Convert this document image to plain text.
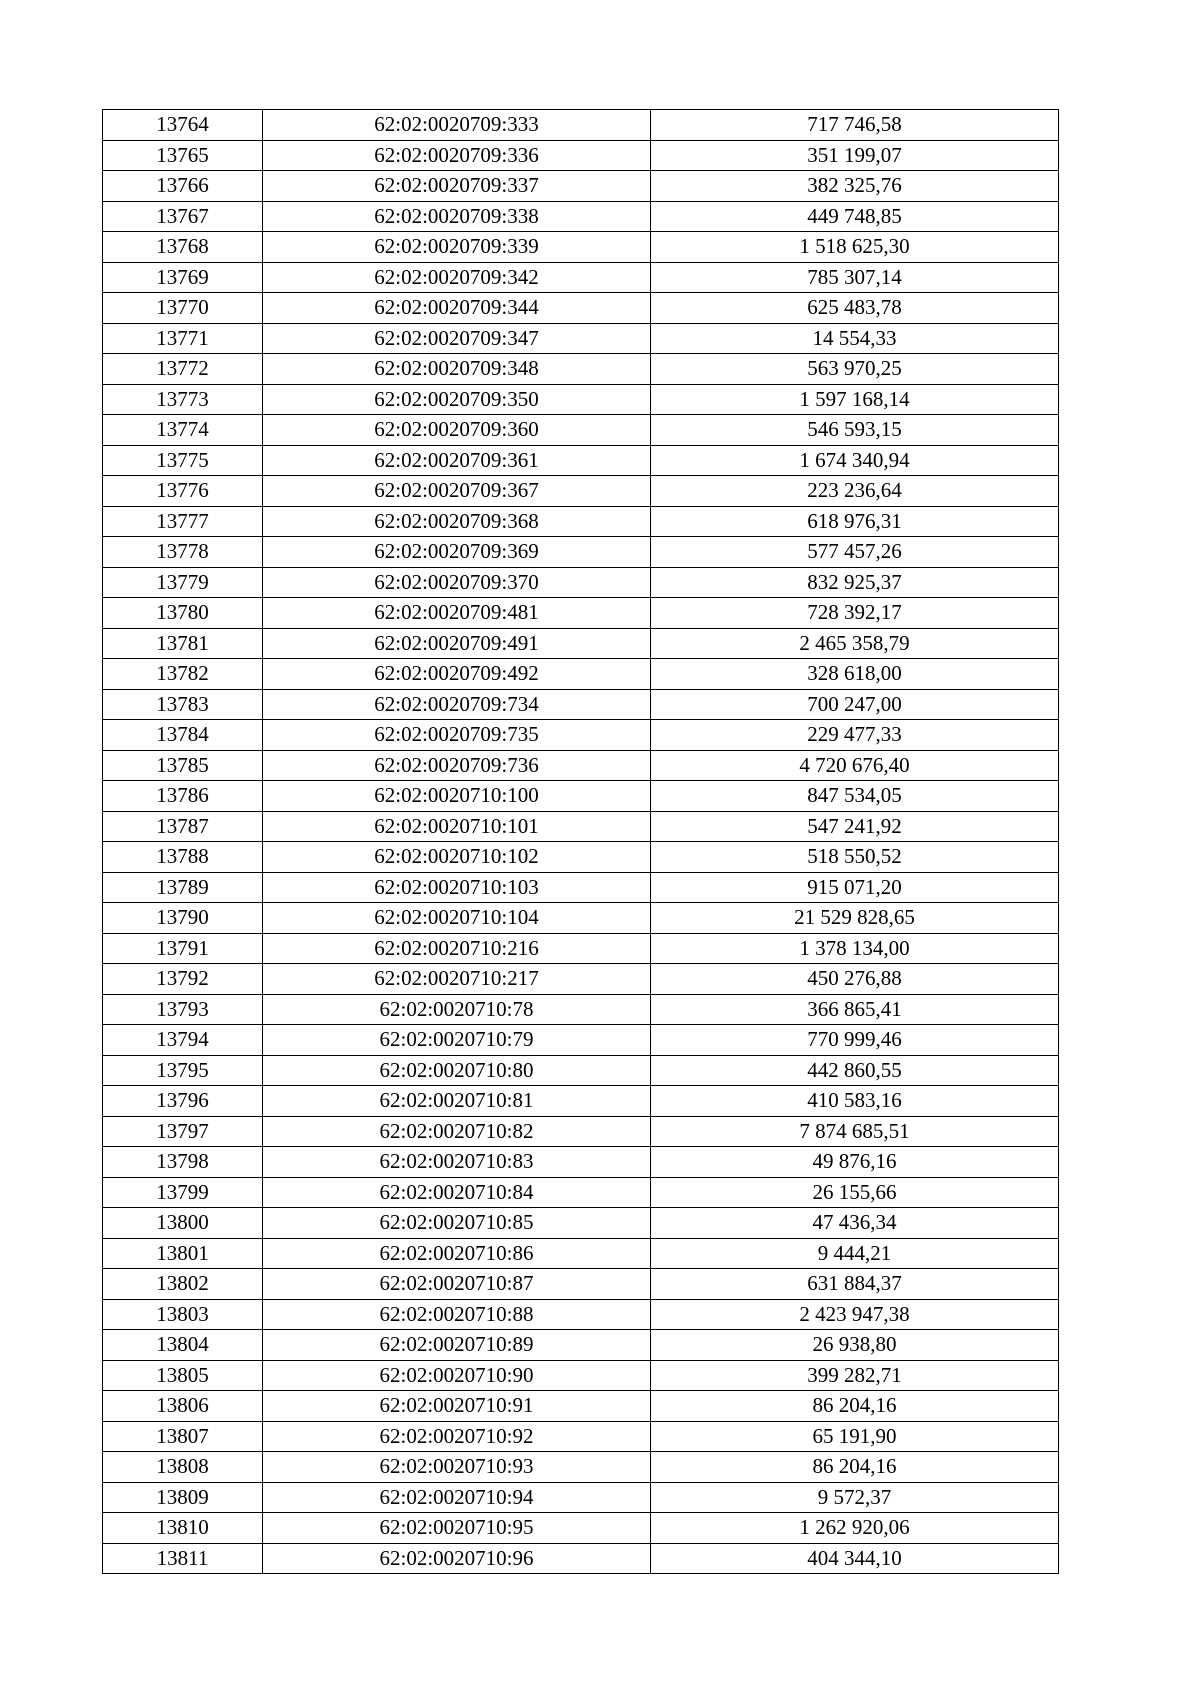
13764	62:02:0020709:333	717 746,58
13765	62:02:0020709:336	351 199,07
13766	62:02:0020709:337	382 325,76
13767	62:02:0020709:338	449 748,85
13768	62:02:0020709:339	1 518 625,30
13769	62:02:0020709:342	785 307,14
13770	62:02:0020709:344	625 483,78
13771	62:02:0020709:347	14 554,33
13772	62:02:0020709:348	563 970,25
13773	62:02:0020709:350	1 597 168,14
13774	62:02:0020709:360	546 593,15
13775	62:02:0020709:361	1 674 340,94
13776	62:02:0020709:367	223 236,64
13777	62:02:0020709:368	618 976,31
13778	62:02:0020709:369	577 457,26
13779	62:02:0020709:370	832 925,37
13780	62:02:0020709:481	728 392,17
13781	62:02:0020709:491	2 465 358,79
13782	62:02:0020709:492	328 618,00
13783	62:02:0020709:734	700 247,00
13784	62:02:0020709:735	229 477,33
13785	62:02:0020709:736	4 720 676,40
13786	62:02:0020710:100	847 534,05
13787	62:02:0020710:101	547 241,92
13788	62:02:0020710:102	518 550,52
13789	62:02:0020710:103	915 071,20
13790	62:02:0020710:104	21 529 828,65
13791	62:02:0020710:216	1 378 134,00
13792	62:02:0020710:217	450 276,88
13793	62:02:0020710:78	366 865,41
13794	62:02:0020710:79	770 999,46
13795	62:02:0020710:80	442 860,55
13796	62:02:0020710:81	410 583,16
13797	62:02:0020710:82	7 874 685,51
13798	62:02:0020710:83	49 876,16
13799	62:02:0020710:84	26 155,66
13800	62:02:0020710:85	47 436,34
13801	62:02:0020710:86	9 444,21
13802	62:02:0020710:87	631 884,37
13803	62:02:0020710:88	2 423 947,38
13804	62:02:0020710:89	26 938,80
13805	62:02:0020710:90	399 282,71
13806	62:02:0020710:91	86 204,16
13807	62:02:0020710:92	65 191,90
13808	62:02:0020710:93	86 204,16
13809	62:02:0020710:94	9 572,37
13810	62:02:0020710:95	1 262 920,06
13811	62:02:0020710:96	404 344,10
